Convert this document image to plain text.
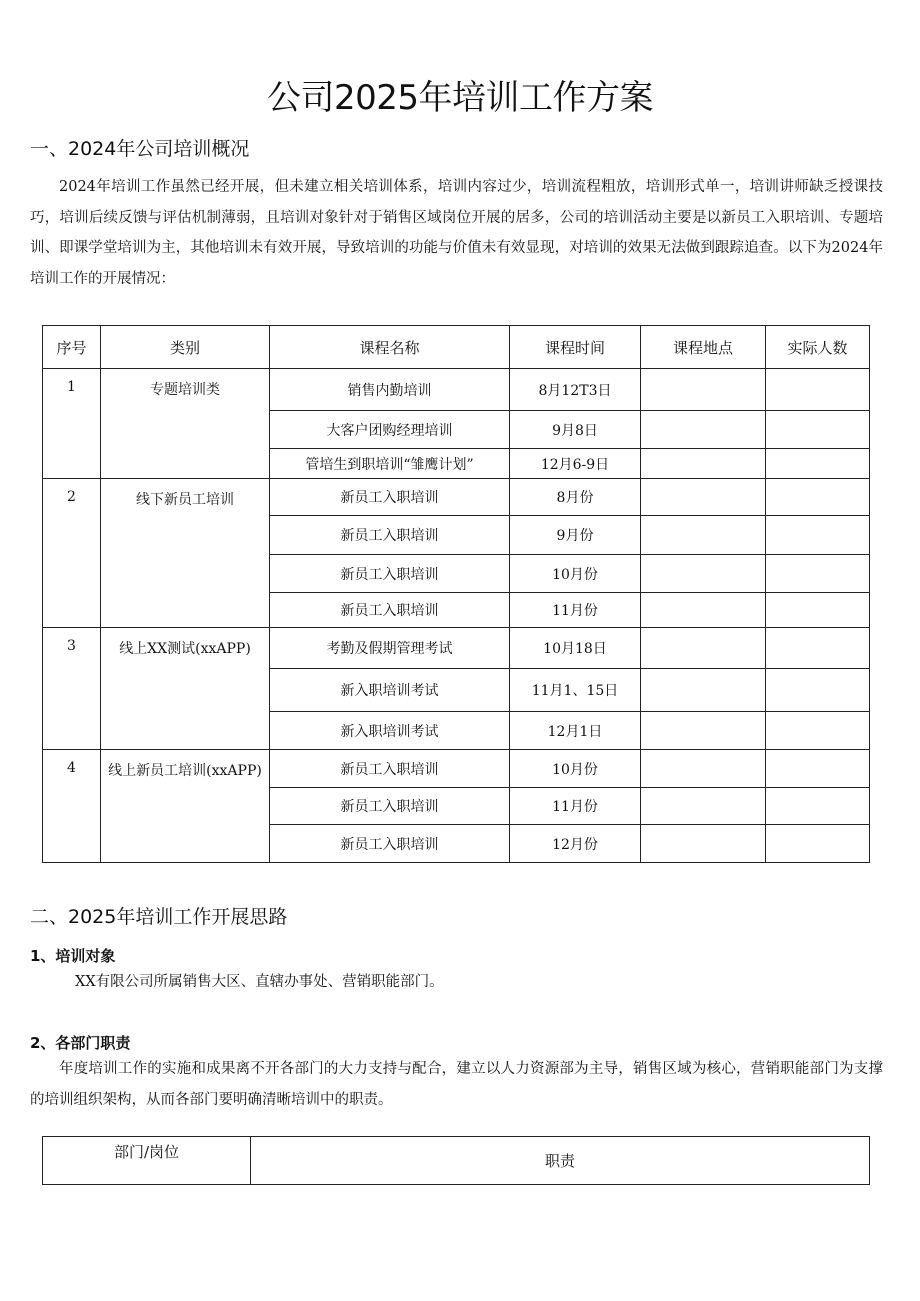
公司2025年培训工作方案
一、2024年公司培训概况
2024年培训工作虽然已经开展，但未建立相关培训体系，培训内容过少，培训流程粗放，培训形式单一，培训讲师缺乏授课技巧，培训后续反馈与评估机制薄弱，且培训对象针对于销售区域岗位开展的居多，公司的培训活动主要是以新员工入职培训、专题培训、即课学堂培训为主，其他培训未有效开展，导致培训的功能与价值未有效显现，对培训的效果无法做到跟踪追查。以下为2024年培训工作的开展情况：
序号	类别	课程名称	课程时间	课程地点	实际人数
1	专题培训类	销售内勤培训	8月12T3日		
		大客户团购经理培训	9月8日		
		管培生到职培训“雏鹰计划”	12月6-9日		
2	线下新员工培训	新员工入职培训	8月份		
		新员工入职培训	9月份		
		新员工入职培训	10月份		
		新员工入职培训	11月份		
3	线上XX测试(xxAPP)	考勤及假期管理考试	10月18日		
		新入职培训考试	11月1、15日		
		新入职培训考试	12月1日		
4	线上新员工培训(xxAPP)	新员工入职培训	10月份		
		新员工入职培训	11月份		
		新员工入职培训	12月份		
二、2025年培训工作开展思路
1、培训对象
XX有限公司所属销售大区、直辖办事处、营销职能部门。
2、各部门职责
年度培训工作的实施和成果离不开各部门的大力支持与配合，建立以人力资源部为主导，销售区域为核心，营销职能部门为支撑的培训组织架构，从而各部门要明确清晰培训中的职责。
部门/岗位	职责
